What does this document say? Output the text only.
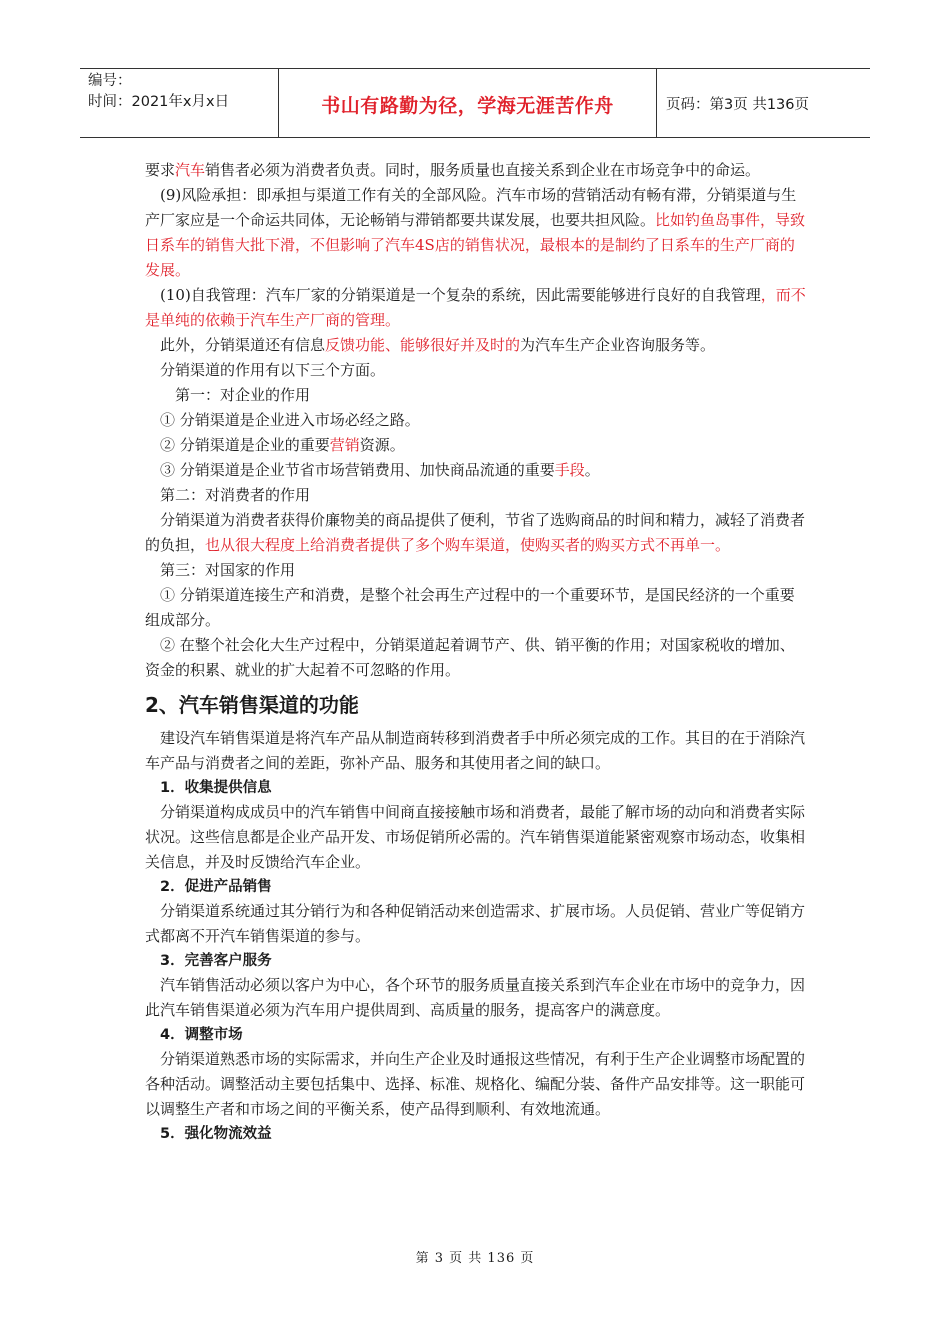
编号：
时间：2021年x月x日	书山有路勤为径，学海无涯苦作舟	页码：第3页 共136页

要求汽车销售者必须为消费者负责。同时，服务质量也直接关系到企业在市场竞争中的命运。

(9)风险承担：即承担与渠道工作有关的全部风险。汽车市场的营销活动有畅有滞，分销渠道与生产厂家应是一个命运共同体，无论畅销与滞销都要共谋发展，也要共担风险。比如钓鱼岛事件，导致日系车的销售大批下滑，不但影响了汽车4S店的销售状况，最根本的是制约了日系车的生产厂商的发展。

(10)自我管理：汽车厂家的分销渠道是一个复杂的系统，因此需要能够进行良好的自我管理，而不是单纯的依赖于汽车生产厂商的管理。

此外，分销渠道还有信息反馈功能、能够很好并及时的为汽车生产企业咨询服务等。

分销渠道的作用有以下三个方面。

第一：对企业的作用

① 分销渠道是企业进入市场必经之路。

② 分销渠道是企业的重要营销资源。

③ 分销渠道是企业节省市场营销费用、加快商品流通的重要手段。

第二：对消费者的作用

分销渠道为消费者获得价廉物美的商品提供了便利，节省了选购商品的时间和精力，减轻了消费者的负担，也从很大程度上给消费者提供了多个购车渠道，使购买者的购买方式不再单一。

第三：对国家的作用

① 分销渠道连接生产和消费，是整个社会再生产过程中的一个重要环节，是国民经济的一个重要组成部分。

② 在整个社会化大生产过程中，分销渠道起着调节产、供、销平衡的作用；对国家税收的增加、资金的积累、就业的扩大起着不可忽略的作用。

2、汽车销售渠道的功能

建设汽车销售渠道是将汽车产品从制造商转移到消费者手中所必须完成的工作。其目的在于消除汽车产品与消费者之间的差距，弥补产品、服务和其使用者之间的缺口。

1．收集提供信息

分销渠道构成成员中的汽车销售中间商直接接触市场和消费者，最能了解市场的动向和消费者实际状况。这些信息都是企业产品开发、市场促销所必需的。汽车销售渠道能紧密观察市场动态，收集相关信息，并及时反馈给汽车企业。

2．促进产品销售

分销渠道系统通过其分销行为和各种促销活动来创造需求、扩展市场。人员促销、营业广等促销方式都离不开汽车销售渠道的参与。

3．完善客户服务

汽车销售活动必须以客户为中心，各个环节的服务质量直接关系到汽车企业在市场中的竞争力，因此汽车销售渠道必须为汽车用户提供周到、高质量的服务，提高客户的满意度。

4．调整市场

分销渠道熟悉市场的实际需求，并向生产企业及时通报这些情况，有利于生产企业调整市场配置的各种活动。调整活动主要包括集中、选择、标准、规格化、编配分装、备件产品安排等。这一职能可以调整生产者和市场之间的平衡关系，使产品得到顺利、有效地流通。

5．强化物流效益

第 3 页 共 136 页
